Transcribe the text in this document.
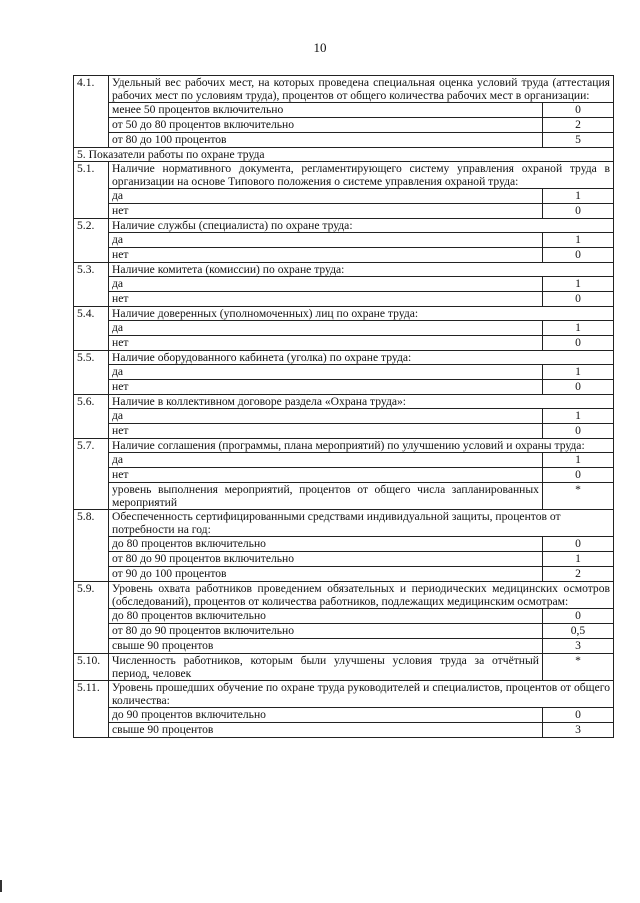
10
4.1.	Удельный вес рабочих мест, на которых проведена специальная оценка условий труда (аттестация рабочих мест по условиям труда), процентов от общего количества рабочих мест в организации:	
	менее 50 процентов включительно	0
	от 50 до 80 процентов включительно	2
	от 80 до 100 процентов	5
5. Показатели работы по охране труда		
5.1.	Наличие нормативного документа, регламентирующего систему управления охраной труда в организации на основе Типового положения о системе управления охраной труда:	
	да	1
	нет	0
5.2.	Наличие службы (специалиста) по охране труда:	
	да	1
	нет	0
5.3.	Наличие комитета (комиссии) по охране труда:	
	да	1
	нет	0
5.4.	Наличие доверенных (уполномоченных) лиц по охране труда:	
	да	1
	нет	0
5.5.	Наличие оборудованного кабинета (уголка) по охране труда:	
	да	1
	нет	0
5.6.	Наличие в коллективном договоре раздела «Охрана труда»:	
	да	1
	нет	0
5.7.	Наличие соглашения (программы, плана мероприятий) по улучшению условий и охраны труда:	
	да	1
	нет	0
	уровень выполнения мероприятий, процентов от общего числа запланированных мероприятий	*
5.8.	Обеспеченность сертифицированными средствами индивидуальной защиты, процентов от потребности на год:	
	до 80 процентов включительно	0
	от 80 до 90 процентов включительно	1
	от 90 до 100 процентов	2
5.9.	Уровень охвата работников проведением обязательных и периодических медицинских осмотров (обследований), процентов от количества работников, подлежащих медицинским осмотрам:	
	до 80 процентов включительно	0
	от 80 до 90 процентов включительно	0,5
	свыше 90 процентов	3
5.10.	Численность работников, которым были улучшены условия труда за отчётный период, человек	*
5.11.	Уровень прошедших обучение по охране труда руководителей и специалистов, процентов от общего количества:	
	до 90 процентов включительно	0
	свыше 90 процентов	3
